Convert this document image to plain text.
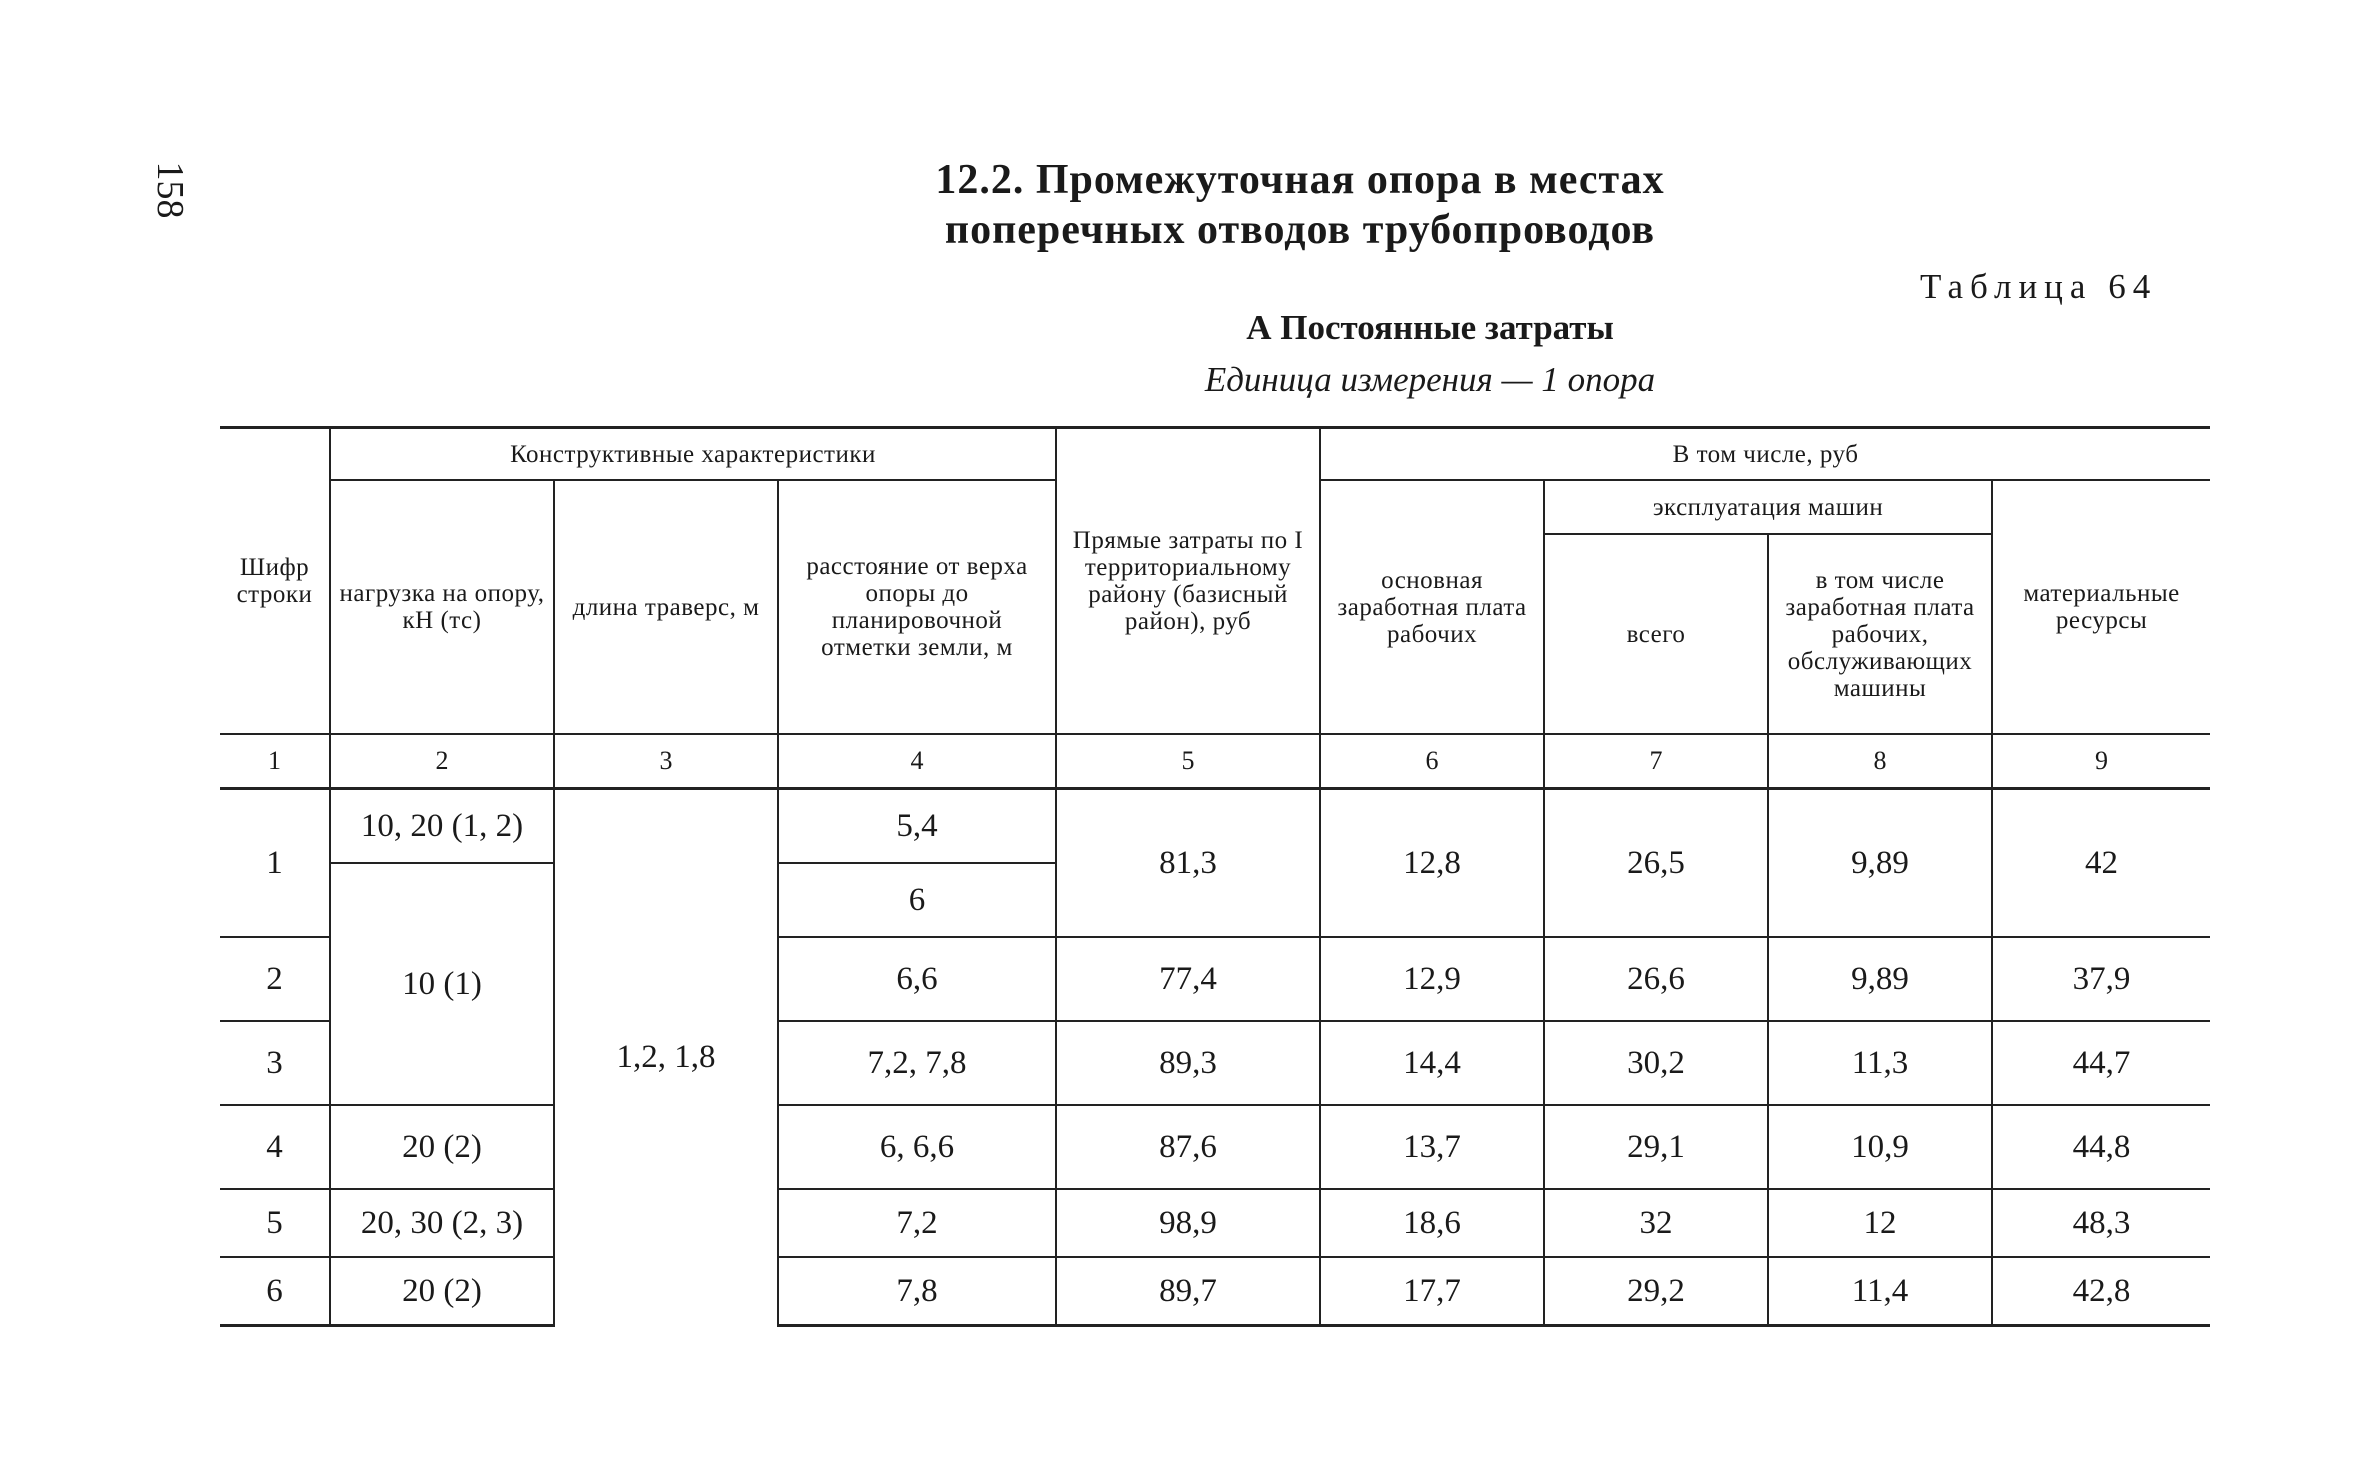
158	12.2. Промежуточная опора в местах
поперечных отводов трубопроводов
Таблица 64
А Постоянные затраты
Единица измерения — 1 опора
Шифр строки	Конструктивные характеристики			Прямые затраты по I территориальному району (базисный район), руб	В том числе, руб			
	нагрузка на опору, кН (тс)	длина траверс, м	расстояние от верха опоры до планировочной отметки земли, м		основная заработная плата рабочих	эксплуатация машин		материальные ресурсы
						всего	в том числе заработная плата рабочих, обслуживающих машины	
1	2	3	4	5	6	7	8	9
1	10, 20 (1, 2)	1,2, 1,8	5,4	81,3	12,8	26,5	9,89	42
	10 (1)		6					
2			6,6	77,4	12,9	26,6	9,89	37,9
3			7,2, 7,8	89,3	14,4	30,2	11,3	44,7
4	20 (2)		6, 6,6	87,6	13,7	29,1	10,9	44,8
5	20, 30 (2, 3)		7,2	98,9	18,6	32	12	48,3
6	20 (2)		7,8	89,7	17,7	29,2	11,4	42,8
